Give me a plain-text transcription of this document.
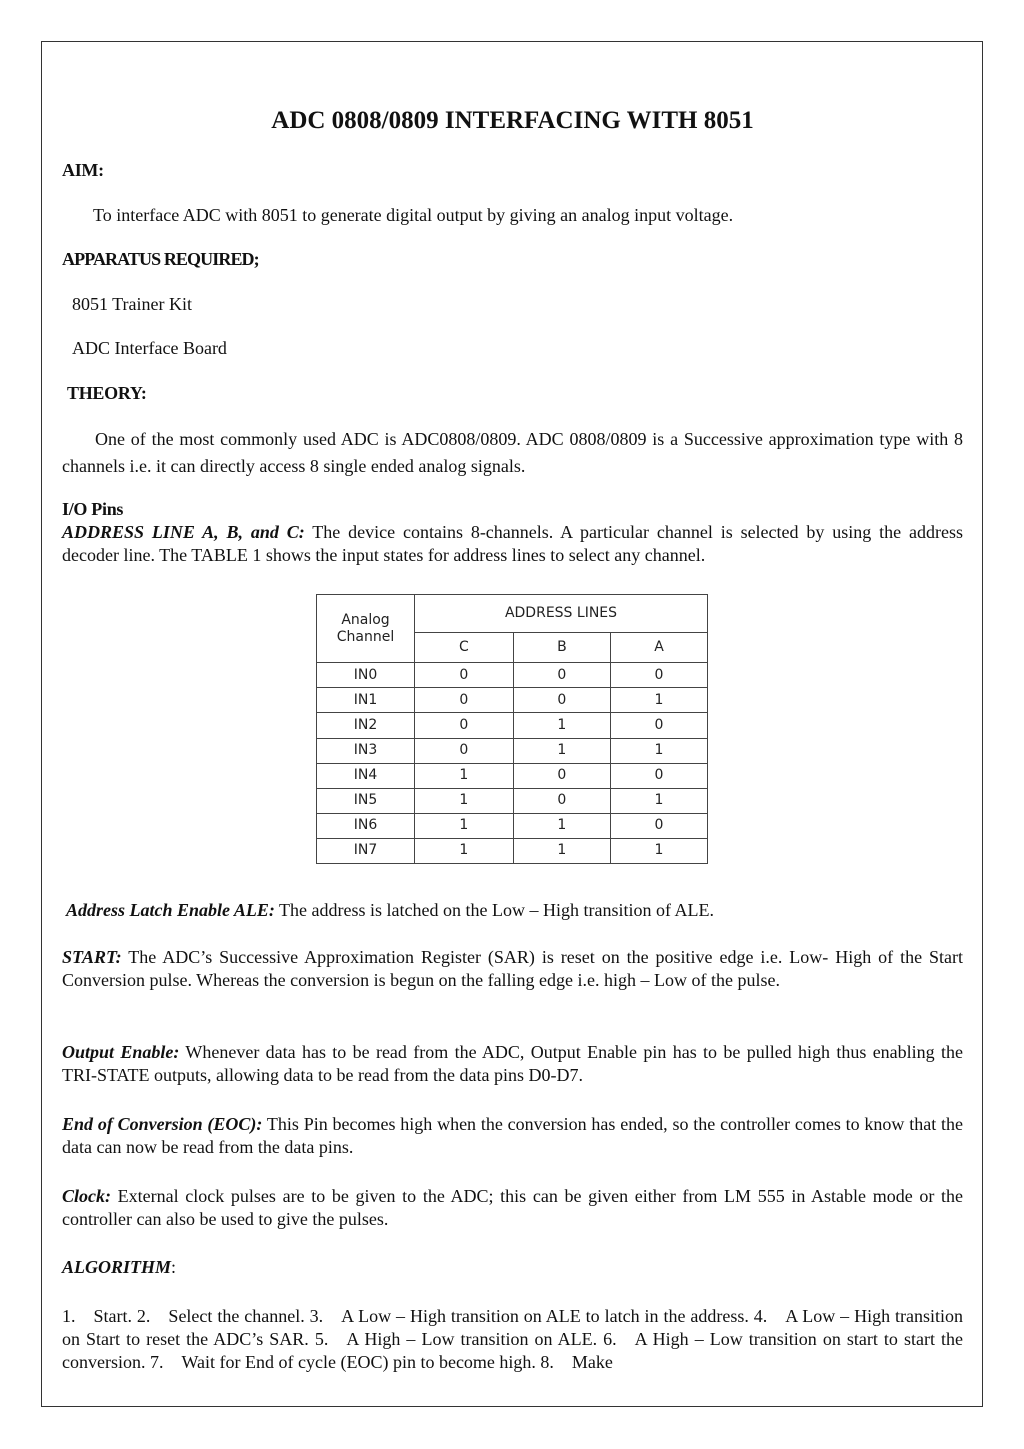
ADC 0808/0809 INTERFACING WITH 8051
AIM:
To interface ADC with 8051 to generate digital output by giving an analog input voltage.
APPARATUS REQUIRED;
8051 Trainer Kit
ADC Interface Board
THEORY:
One of the most commonly used ADC is ADC0808/0809. ADC 0808/0809 is a Successive approximation type with 8 channels i.e. it can directly access 8 single ended analog signals.
I/O Pins
ADDRESS LINE A, B, and C: The device contains 8-channels. A particular channel is selected by using the address decoder line. The TABLE 1 shows the input states for address lines to select any channel.
Address Latch Enable ALE: The address is latched on the Low – High transition of ALE.
START: The ADC’s Successive Approximation Register (SAR) is reset on the positive edge i.e. Low- High of the Start Conversion pulse. Whereas the conversion is begun on the falling edge i.e. high – Low of the pulse.
Output Enable: Whenever data has to be read from the ADC, Output Enable pin has to be pulled high thus enabling the TRI-STATE outputs, allowing data to be read from the data pins D0-D7.
End of Conversion (EOC): This Pin becomes high when the conversion has ended, so the controller comes to know that the data can now be read from the data pins.
Clock: External clock pulses are to be given to the ADC; this can be given either from LM 555 in Astable mode or the controller can also be used to give the pulses.
ALGORITHM:
1. Start. 2. Select the channel. 3. A Low – High transition on ALE to latch in the address. 4. A Low – High transition on Start to reset the ADC’s SAR. 5. A High – Low transition on ALE. 6. A High – Low transition on start to start the conversion. 7. Wait for End of cycle (EOC) pin to become high. 8. Make
Analog
Channel	ADDRESS LINES		
	C	B	A
IN0	0	0	0
IN1	0	0	1
IN2	0	1	0
IN3	0	1	1
IN4	1	0	0
IN5	1	0	1
IN6	1	1	0
IN7	1	1	1
